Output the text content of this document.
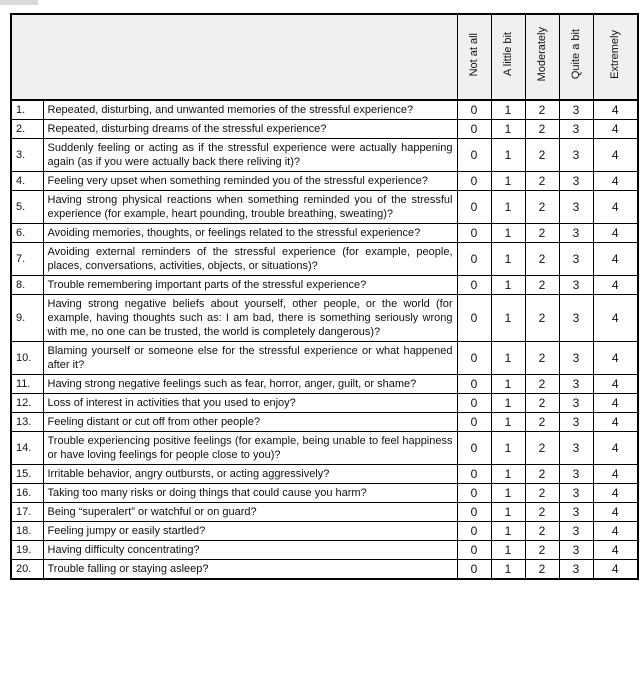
		Not at all	A little bit	Moderately	Quite a bit	Extremely
1.	Repeated, disturbing, and unwanted memories of the stressful experience?	0	1	2	3	4
2.	Repeated, disturbing dreams of the stressful experience?	0	1	2	3	4
3.	Suddenly feeling or acting as if the stressful experience were actually happening again (as if you were actually back there reliving it)?	0	1	2	3	4
4.	Feeling very upset when something reminded you of the stressful experience?	0	1	2	3	4
5.	Having strong physical reactions when something reminded you of the stressful experience (for example, heart pounding, trouble breathing, sweating)?	0	1	2	3	4
6.	Avoiding memories, thoughts, or feelings related to the stressful experience?	0	1	2	3	4
7.	Avoiding external reminders of the stressful experience (for example, people, places, conversations, activities, objects, or situations)?	0	1	2	3	4
8.	Trouble remembering important parts of the stressful experience?	0	1	2	3	4
9.	Having strong negative beliefs about yourself, other people, or the world (for example, having thoughts such as: I am bad, there is something seriously wrong with me, no one can be trusted, the world is completely dangerous)?	0	1	2	3	4
10.	Blaming yourself or someone else for the stressful experience or what happened after it?	0	1	2	3	4
11.	Having strong negative feelings such as fear, horror, anger, guilt, or shame?	0	1	2	3	4
12.	Loss of interest in activities that you used to enjoy?	0	1	2	3	4
13.	Feeling distant or cut off from other people?	0	1	2	3	4
14.	Trouble experiencing positive feelings (for example, being unable to feel happiness or have loving feelings for people close to you)?	0	1	2	3	4
15.	Irritable behavior, angry outbursts, or acting aggressively?	0	1	2	3	4
16.	Taking too many risks or doing things that could cause you harm?	0	1	2	3	4
17.	Being “superalert” or watchful or on guard?	0	1	2	3	4
18.	Feeling jumpy or easily startled?	0	1	2	3	4
19.	Having difficulty concentrating?	0	1	2	3	4
20.	Trouble falling or staying asleep?	0	1	2	3	4
